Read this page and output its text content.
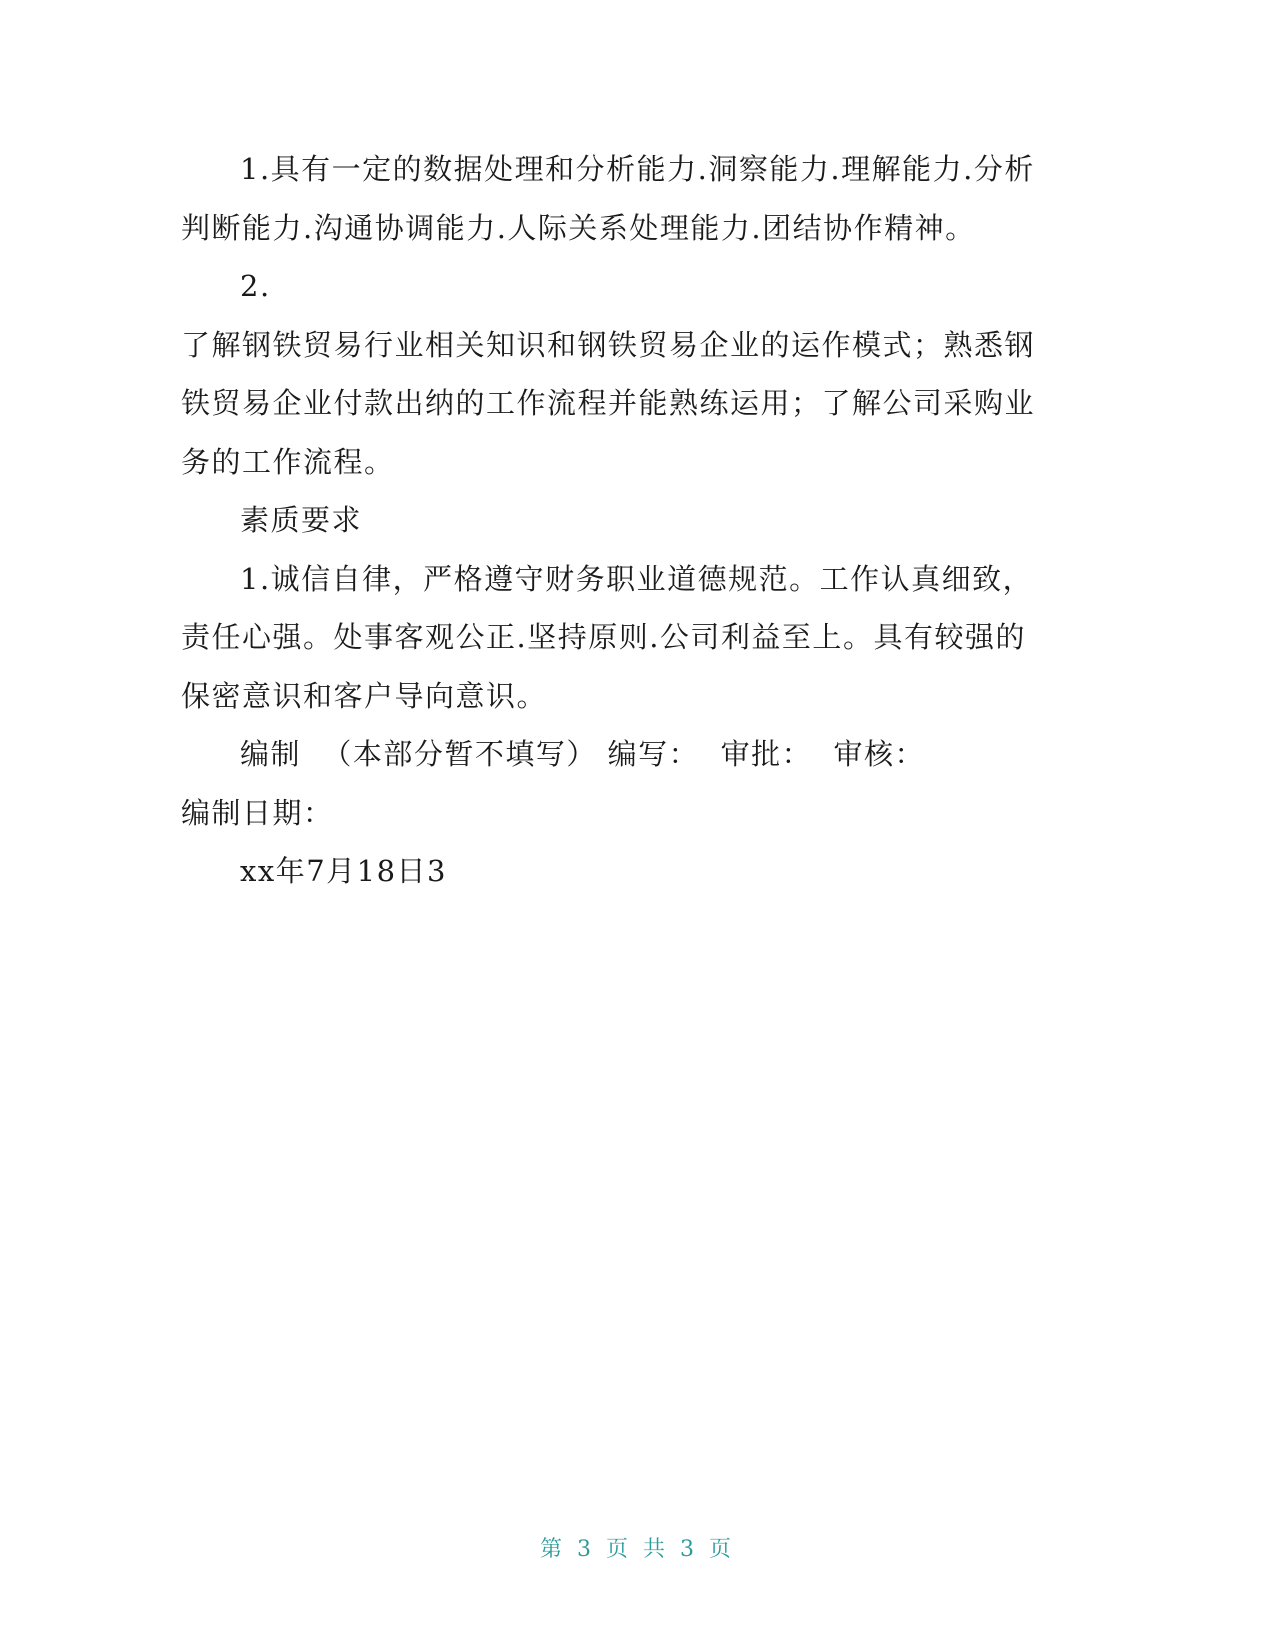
1.具有一定的数据处理和分析能力.洞察能力.理解能力.分析

判断能力.沟通协调能力.人际关系处理能力.团结协作精神。

2.

了解钢铁贸易行业相关知识和钢铁贸易企业的运作模式；熟悉钢

铁贸易企业付款出纳的工作流程并能熟练运用；了解公司采购业

务的工作流程。

素质要求

1.诚信自律，严格遵守财务职业道德规范。工作认真细致，

责任心强。处事客观公正.坚持原则.公司利益至上。具有较强的

保密意识和客户导向意识。

编制  （本部分暂不填写） 编写：  审批：  审核：

编制日期：

xx年7月18日3

第 3 页 共 3 页
